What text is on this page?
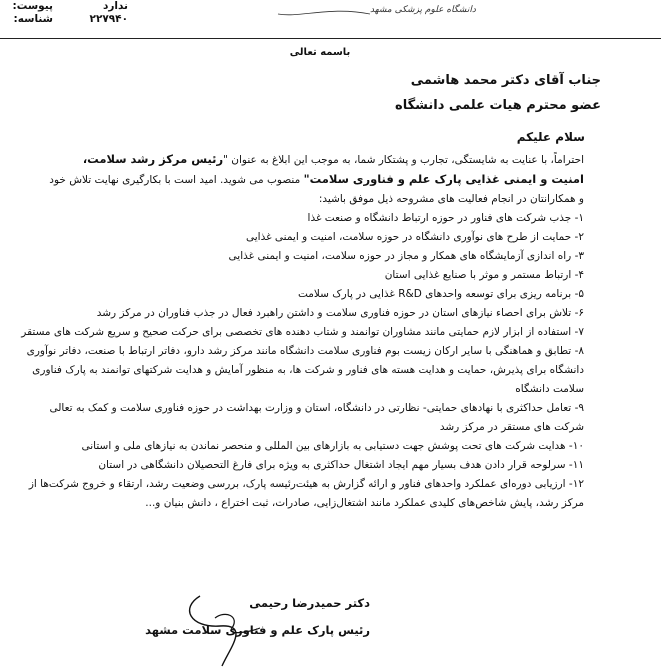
پیوست:
شناسه:
ندارد
۲۲۷۹۴۰
دانشگاه علوم پزشکی مشهد
باسمه تعالی
جناب آقای دکتر محمد هاشمی
عضو محترم هیات علمی دانشگاه
سلام علیکم

احتراماً، با عنایت به شایستگی، تجارب و پشتکار شما، به موجب این ابلاغ به عنوان "رئیس مرکز رشد سلامت،
امنیت و ایمنی غذایی پارک علم و فناوری سلامت" منصوب می شوید. امید است با بکارگیری نهایت تلاش خود
و همکارانتان در انجام فعالیت های مشروحه ذیل موفق باشید:

۱- جذب شرکت های فناور در حوزه ارتباط دانشگاه و صنعت غذا

۲- حمایت از طرح های نوآوری دانشگاه در حوزه سلامت، امنیت و ایمنی غذایی

۳- راه اندازی آزمایشگاه های همکار و مجاز در حوزه سلامت، امنیت و ایمنی غذایی

۴- ارتباط مستمر و موثر با صنایع غذایی استان

۵- برنامه ریزی برای توسعه واحدهای R&D غذایی در پارک سلامت

۶- تلاش برای احصاء نیازهای استان در حوزه فناوری سلامت و داشتن راهبرد فعال در جذب فناوران در مرکز رشد

۷- استفاده از ابزار لازم حمایتی مانند مشاوران توانمند و شتاب دهنده های تخصصی برای حرکت صحیح و سریع شرکت های مستقر

۸- تطابق و هماهنگی با سایر ارکان زیست بوم فناوری سلامت دانشگاه مانند مرکز رشد دارو، دفاتر ارتباط با صنعت، دفاتر نوآوری دانشگاه برای پذیرش، حمایت و هدایت هسته های فناور و شرکت ها، به منظور آمایش و هدایت شرکتهای توانمند به پارک فناوری سلامت دانشگاه

۹- تعامل حداکثری با نهادهای حمایتی- نظارتی در دانشگاه، استان و وزارت بهداشت در حوزه فناوری سلامت و کمک به تعالی شرکت های مستقر در مرکز رشد

۱۰- هدایت شرکت های تحت پوشش جهت دستیابی به بازارهای بین المللی و منحصر نماندن به نیازهای ملی و استانی

۱۱- سرلوحه قرار دادن هدف بسیار مهم ایجاد اشتغال حداکثری به ویژه برای فارغ التحصیلان دانشگاهی در استان

۱۲- ارزیابی دوره‌ای عملکرد واحدهای فناور و ارائه گزارش به هیئت‌رئیسه پارک، بررسی وضعیت رشد، ارتقاء و خروج شرکت‌ها از مرکز رشد، پایش شاخص‌های کلیدی عملکرد مانند اشتغال‌زایی، صادرات، ثبت اختراع ، دانش بنیان و...

دکتر حمیدرضا رحیمی
رئیس پارک علم و فناوری سلامت مشهد
